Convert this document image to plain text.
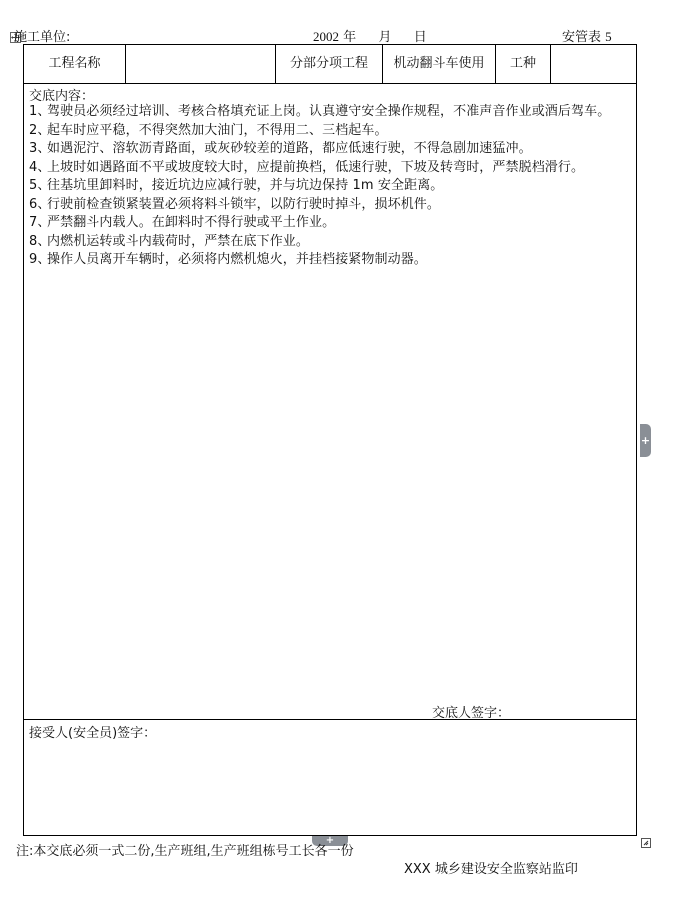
施工单位:	2002 年 月 日	安管表 5
工程名称	分部分项工程	机动翻斗车使用	工种
交底内容：
1、
驾驶员必须经过培训、考核合格填充证上岗。认真遵守安全操作规程，不准声音作业或酒后驾车。
2、
起车时应平稳，不得突然加大油门，不得用二、三档起车。
3、
如遇泥泞、溶软沥青路面，或灰砂较差的道路，都应低速行驶，不得急剧加速猛冲。
4、
上坡时如遇路面不平或坡度较大时，应提前换档，低速行驶，下坡及转弯时，严禁脱档滑行。
5、
往基坑里卸料时，接近坑边应减行驶，并与坑边保持 1m 安全距离。
6、
行驶前检查锁紧装置必须将料斗锁牢，以防行驶时掉斗，损坏机件。
7、
严禁翻斗内载人。在卸料时不得行驶或平土作业。
8、
内燃机运转或斗内载荷时，严禁在底下作业。
9、
操作人员离开车辆时，必须将内燃机熄火，并挂档接紧物制动器。
交底人签字：
接受人(安全员)签字：
+
+
注:本交底必须一式二份,生产班组,生产班组栋号工长各一份
XXX 城乡建设安全监察站监印
